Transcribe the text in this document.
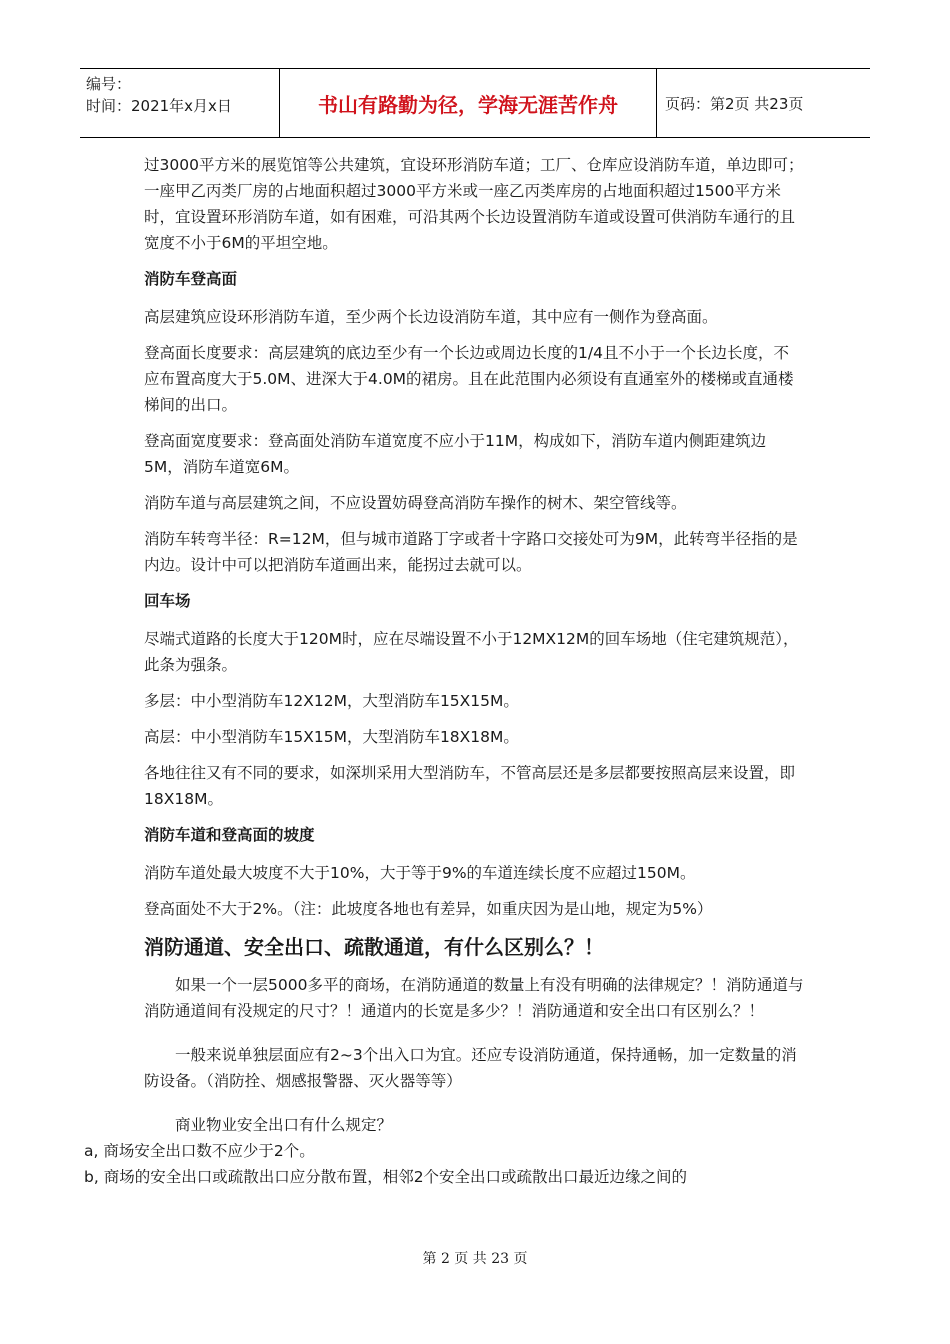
编号：
时间：2021年x月x日	书山有路勤为径，学海无涯苦作舟	页码：第2页 共23页

过3000平方米的展览馆等公共建筑，宜设环形消防车道；工厂、仓库应设消防车道，单边即可；一座甲乙丙类厂房的占地面积超过3000平方米或一座乙丙类库房的占地面积超过1500平方米时，宜设置环形消防车道，如有困难，可沿其两个长边设置消防车道或设置可供消防车通行的且宽度不小于6M的平坦空地。

消防车登高面

高层建筑应设环形消防车道，至少两个长边设消防车道，其中应有一侧作为登高面。

登高面长度要求：高层建筑的底边至少有一个长边或周边长度的1/4且不小于一个长边长度，不应布置高度大于5.0M、进深大于4.0M的裙房。且在此范围内必须设有直通室外的楼梯或直通楼梯间的出口。

登高面宽度要求：登高面处消防车道宽度不应小于11M，构成如下，消防车道内侧距建筑边5M，消防车道宽6M。

消防车道与高层建筑之间，不应设置妨碍登高消防车操作的树木、架空管线等。

消防车转弯半径：R=12M，但与城市道路丁字或者十字路口交接处可为9M，此转弯半径指的是内边。设计中可以把消防车道画出来，能拐过去就可以。

回车场

尽端式道路的长度大于120M时，应在尽端设置不小于12MX12M的回车场地（住宅建筑规范），此条为强条。

多层：中小型消防车12X12M，大型消防车15X15M。

高层：中小型消防车15X15M，大型消防车18X18M。

各地往往又有不同的要求，如深圳采用大型消防车，不管高层还是多层都要按照高层来设置，即18X18M。

消防车道和登高面的坡度

消防车道处最大坡度不大于10%，大于等于9%的车道连续长度不应超过150M。

登高面处不大于2%。（注：此坡度各地也有差异，如重庆因为是山地，规定为5%）

消防通道、安全出口、疏散通道，有什么区别么？！

如果一个一层5000多平的商场，在消防通道的数量上有没有明确的法律规定？！消防通道与消防通道间有没规定的尺寸？！通道内的长宽是多少？！消防通道和安全出口有区别么？！

一般来说单独层面应有2~3个出入口为宜。还应专设消防通道，保持通畅，加一定数量的消防设备。（消防拴、烟感报警器、灭火器等等）

商业物业安全出口有什么规定？

a, 商场安全出口数不应少于2个。

b, 商场的安全出口或疏散出口应分散布置，相邻2个安全出口或疏散出口最近边缘之间的

第 2 页 共 23 页
